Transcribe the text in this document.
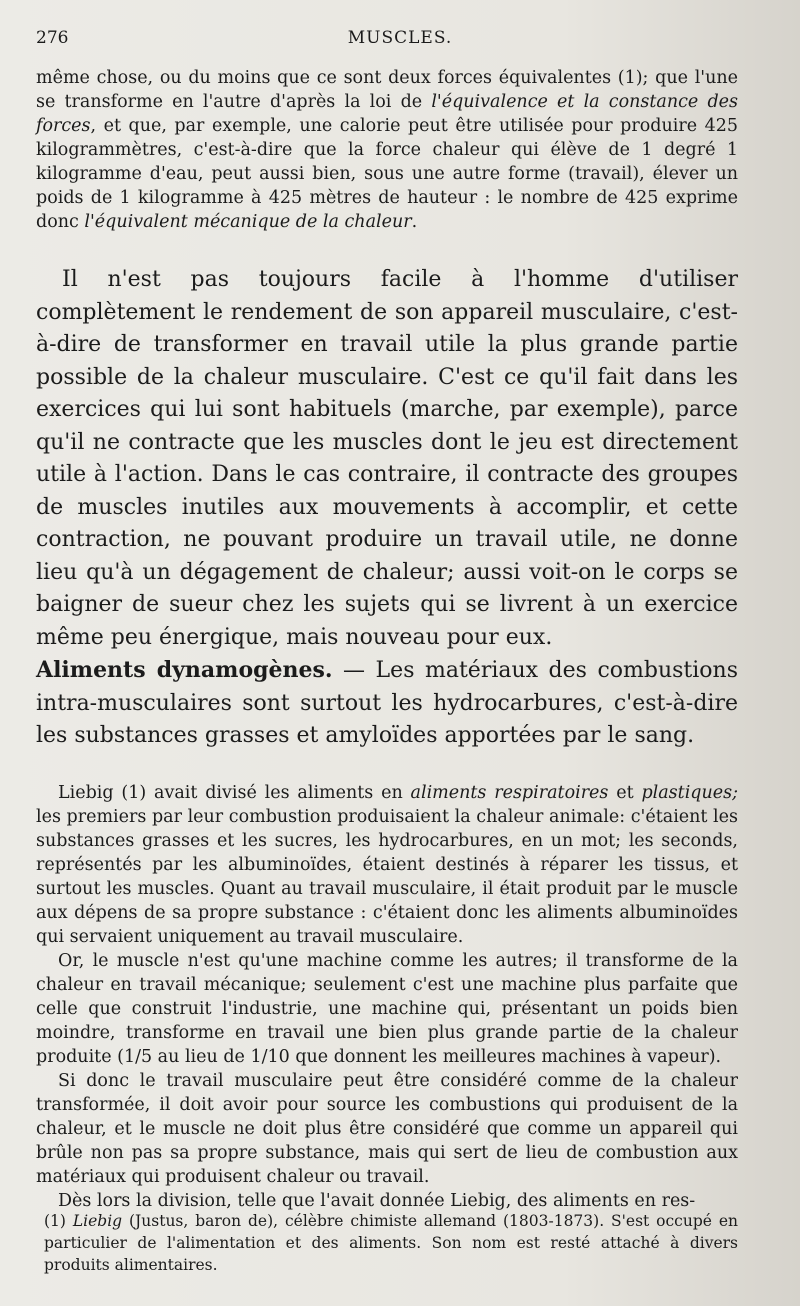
276	MUSCLES.

même chose, ou du moins que ce sont deux forces équivalentes (1); que l'une se transforme en l'autre d'après la loi de l'équivalence et la constance des forces, et que, par exemple, une calorie peut être utilisée pour produire 425 kilogrammètres, c'est-à-dire que la force chaleur qui élève de 1 degré 1 kilogramme d'eau, peut aussi bien, sous une autre forme (travail), élever un poids de 1 kilogramme à 425 mètres de hauteur : le nombre de 425 exprime donc l'équivalent mécanique de la chaleur.

Il n'est pas toujours facile à l'homme d'utiliser complètement le rendement de son appareil musculaire, c'est-à-dire de transformer en travail utile la plus grande partie possible de la chaleur musculaire. C'est ce qu'il fait dans les exercices qui lui sont habituels (marche, par exemple), parce qu'il ne contracte que les muscles dont le jeu est directement utile à l'action. Dans le cas contraire, il contracte des groupes de muscles inutiles aux mouvements à accomplir, et cette contraction, ne pouvant produire un travail utile, ne donne lieu qu'à un dégagement de chaleur; aussi voit-on le corps se baigner de sueur chez les sujets qui se livrent à un exercice même peu énergique, mais nouveau pour eux.

Aliments dynamogènes. — Les matériaux des combustions intra-musculaires sont surtout les hydrocarbures, c'est-à-dire les substances grasses et amyloïdes apportées par le sang.

Liebig (1) avait divisé les aliments en aliments respiratoires et plastiques; les premiers par leur combustion produisaient la chaleur animale: c'étaient les substances grasses et les sucres, les hydrocarbures, en un mot; les seconds, représentés par les albuminoïdes, étaient destinés à réparer les tissus, et surtout les muscles. Quant au travail musculaire, il était produit par le muscle aux dépens de sa propre substance : c'étaient donc les aliments albuminoïdes qui servaient uniquement au travail musculaire.

Or, le muscle n'est qu'une machine comme les autres; il transforme de la chaleur en travail mécanique; seulement c'est une machine plus parfaite que celle que construit l'industrie, une machine qui, présentant un poids bien moindre, transforme en travail une bien plus grande partie de la chaleur produite (1/5 au lieu de 1/10 que donnent les meilleures machines à vapeur).

Si donc le travail musculaire peut être considéré comme de la chaleur transformée, il doit avoir pour source les combustions qui produisent de la chaleur, et le muscle ne doit plus être considéré que comme un appareil qui brûle non pas sa propre substance, mais qui sert de lieu de combustion aux matériaux qui produisent chaleur ou travail.

Dès lors la division, telle que l'avait donnée Liebig, des aliments en res-

(1) Liebig (Justus, baron de), célèbre chimiste allemand (1803-1873). S'est occupé en particulier de l'alimentation et des aliments. Son nom est resté attaché à divers produits alimentaires.
